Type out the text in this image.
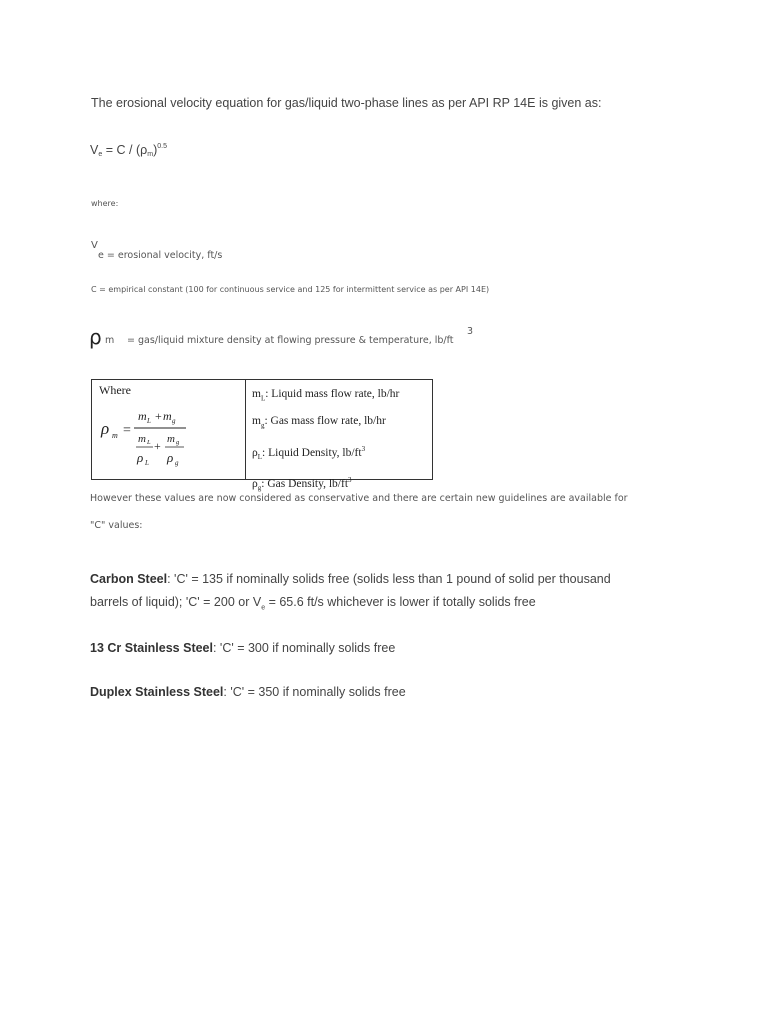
The erosional velocity equation for gas/liquid two-phase lines as per API RP 14E is given as:
$V_e = C / (\rho_m)^{0.5}$
where:
V
e = erosional velocity, ft/s
C = empirical constant (100 for continuous service and 125 for intermittent service as per API 14E)
ρ m = gas/liquid mixture density at flowing pressure & temperature, lb/ft
3
Where
ρ m =
m L + m g
m L + m g
ρ L ρ g
$m_L$: Liquid mass flow rate, lb/hr
$m_g$: Gas mass flow rate, lb/hr
$\rho_L$: Liquid Density, $lb/ft^3$
$\rho_g$: Gas Density, $lb/ft^3$
However these values are now considered as conservative and there are certain new guidelines are available for
"C" values:
Carbon Steel: 'C' = 135 if nominally solids free (solids less than 1 pound of solid per thousand
barrels of liquid); 'C' = 200 or $V_e = 65.6$ ft/s whichever is lower if totally solids free
13 Cr Stainless Steel: 'C' = 300 if nominally solids free
Duplex Stainless Steel: 'C' = 350 if nominally solids free
